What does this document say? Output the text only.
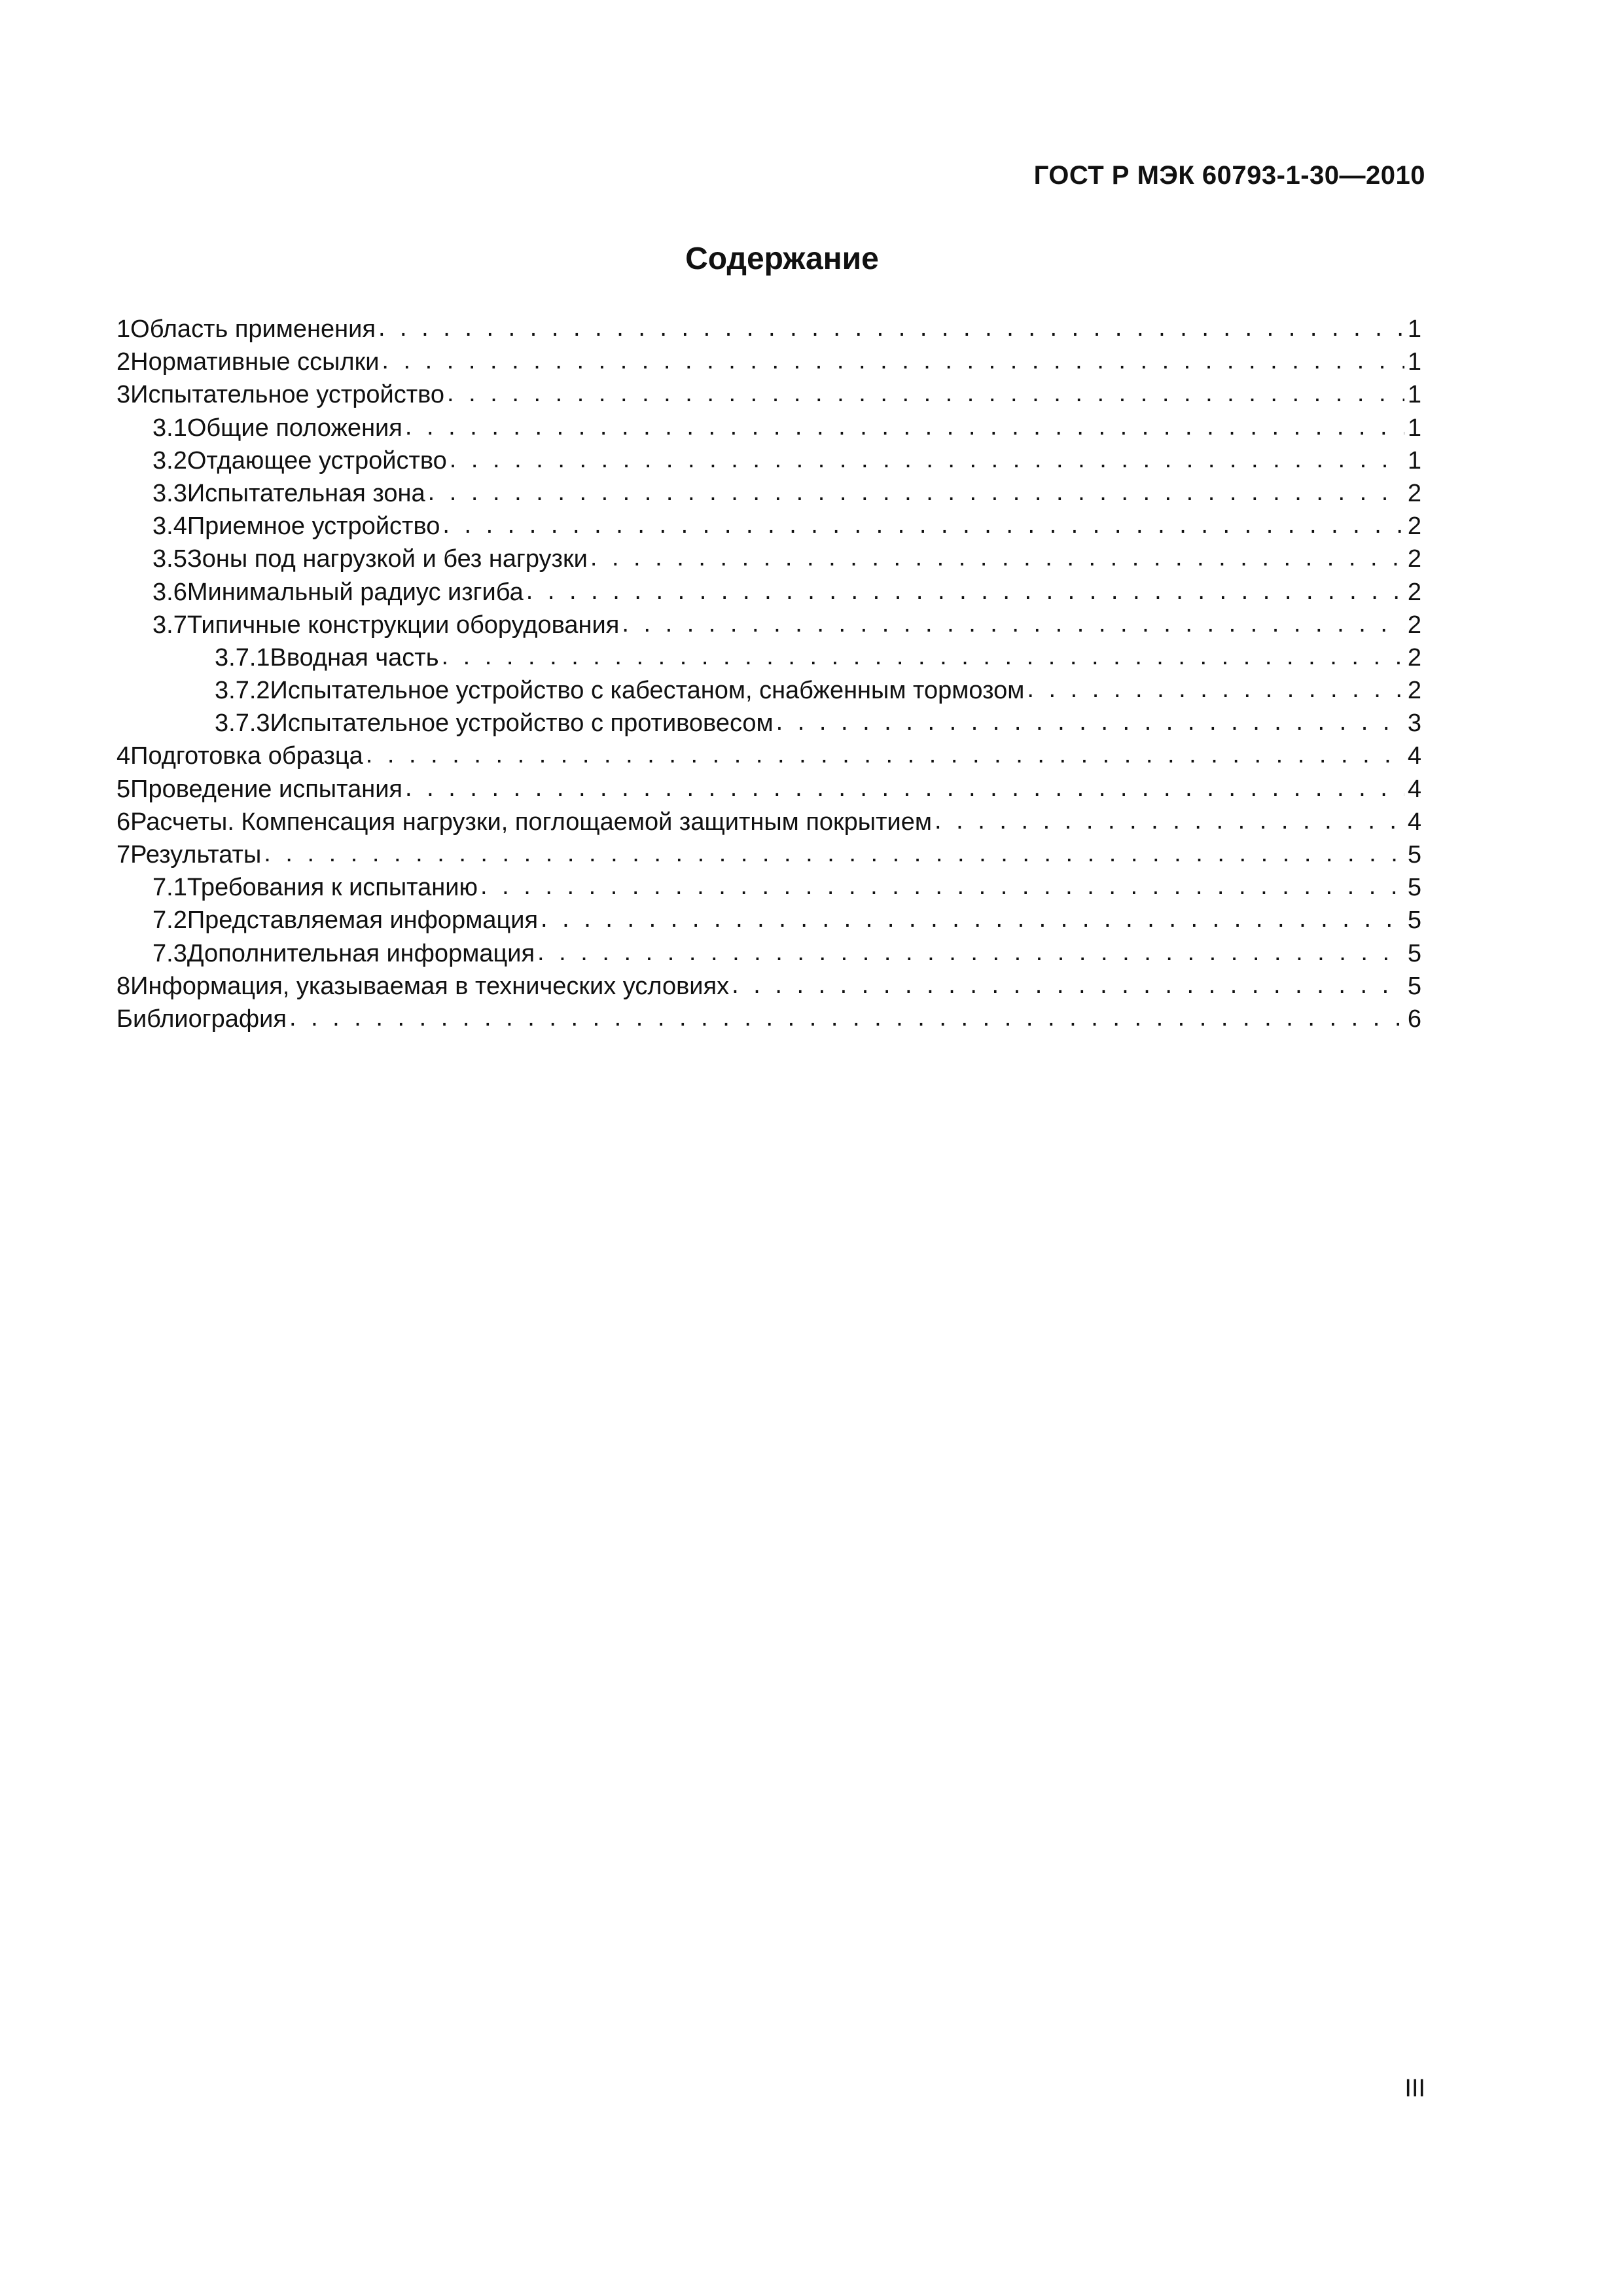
ГОСТ Р МЭК 60793-1-30—2010
Содержание
1 Область применения . . .	1
2 Нормативные ссылки . . .	1
3 Испытательное устройство . . .	1
3.1 Общие положения . . .	1
3.2 Отдающее устройство . . .	1
3.3 Испытательная зона . . .	2
3.4 Приемное устройство . . .	2
3.5 Зоны под нагрузкой и без нагрузки . . .	2
3.6 Минимальный радиус изгиба . . .	2
3.7 Типичные конструкции оборудования . . .	2
3.7.1 Вводная часть . . .	2
3.7.2 Испытательное устройство с кабестаном, снабженным тормозом . . .	2
3.7.3 Испытательное устройство с противовесом . . .	3
4 Подготовка образца . . .	4
5 Проведение испытания . . .	4
6 Расчеты. Компенсация нагрузки, поглощаемой защитным покрытием . . .	4
7 Результаты . . .	5
7.1 Требования к испытанию . . .	5
7.2 Представляемая информация . . .	5
7.3 Дополнительная информация . . .	5
8 Информация, указываемая в технических условиях . . .	5
Библиография . . .	6
III
